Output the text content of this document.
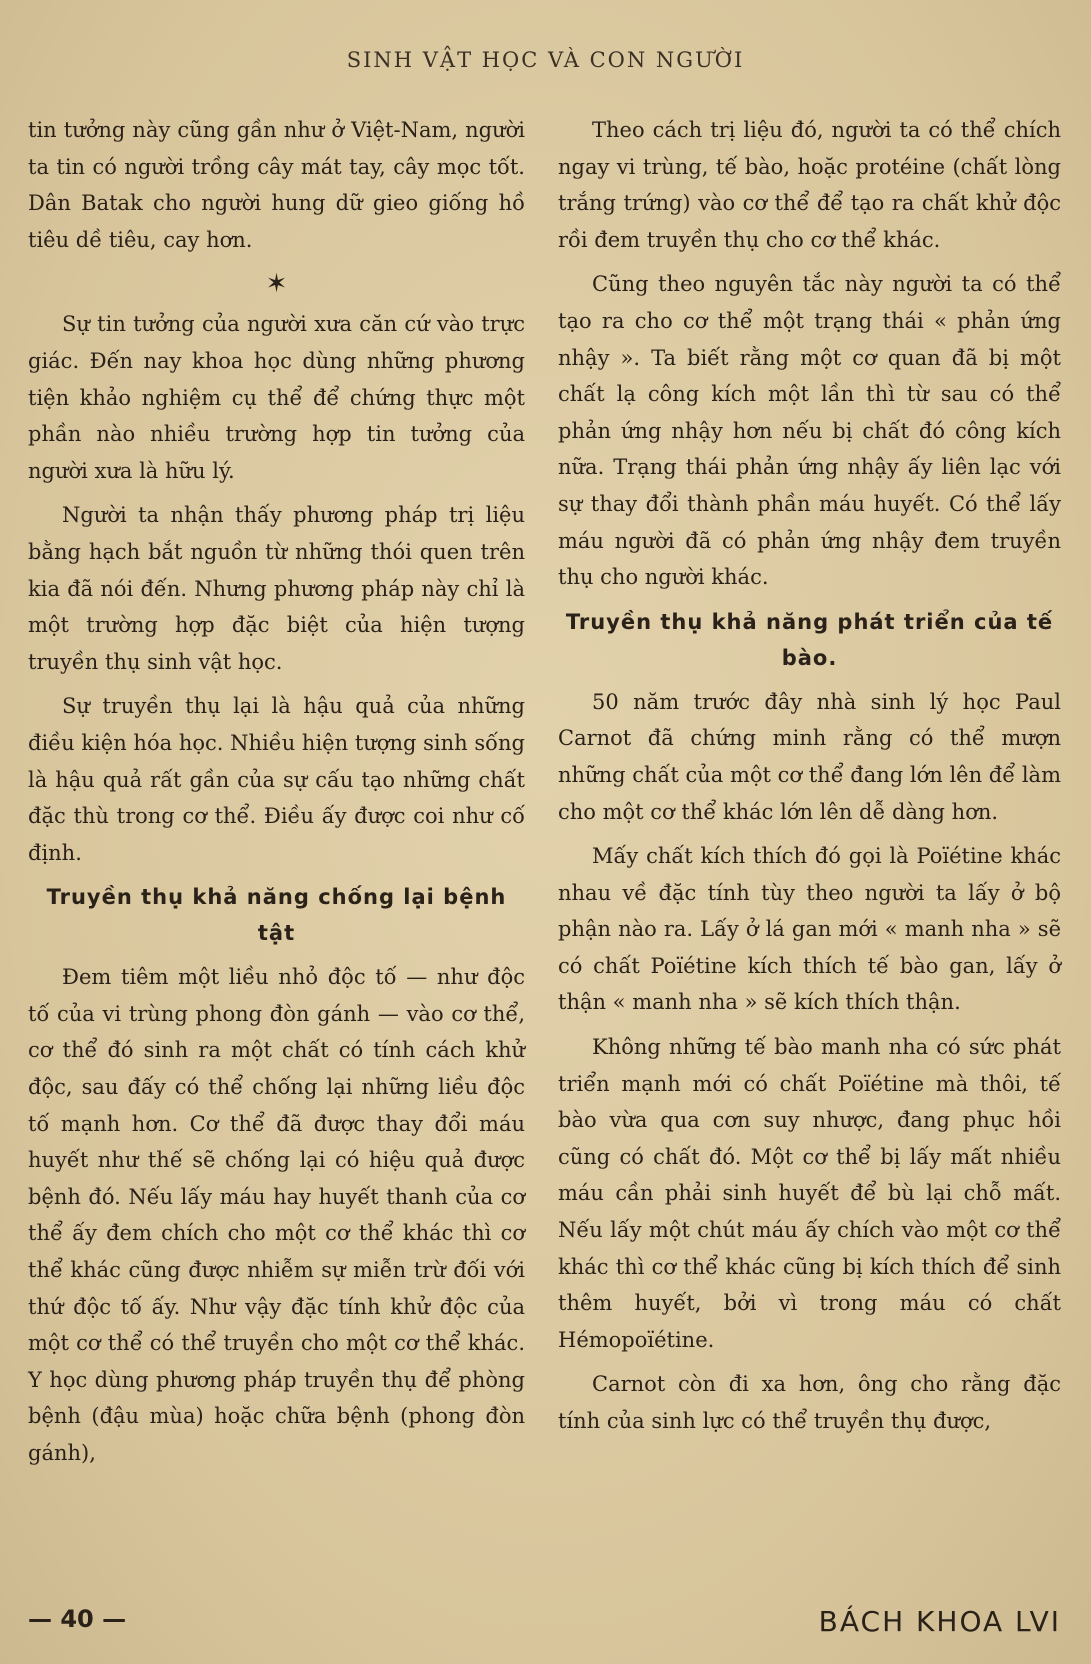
SINH VẬT HỌC VÀ CON NGƯỜI

tin tưởng này cũng gần như ở Việt-Nam, người ta tin có người trồng cây mát tay, cây mọc tốt. Dân Batak cho người hung dữ gieo giống hồ tiêu dề tiêu, cay hơn.

✶

Sự tin tưởng của người xưa căn cứ vào trực giác. Đến nay khoa học dùng những phương tiện khảo nghiệm cụ thể để chứng thực một phần nào nhiều trường hợp tin tưởng của người xưa là hữu lý.

Người ta nhận thấy phương pháp trị liệu bằng hạch bắt nguồn từ những thói quen trên kia đã nói đến. Nhưng phương pháp này chỉ là một trường hợp đặc biệt của hiện tượng truyền thụ sinh vật học.

Sự truyền thụ lại là hậu quả của những điều kiện hóa học. Nhiều hiện tượng sinh sống là hậu quả rất gần của sự cấu tạo những chất đặc thù trong cơ thể. Điều ấy được coi như cố định.

Truyền thụ khả năng chống lại bệnh tật

Đem tiêm một liều nhỏ độc tố — như độc tố của vi trùng phong đòn gánh — vào cơ thể, cơ thể đó sinh ra một chất có tính cách khử độc, sau đấy có thể chống lại những liều độc tố mạnh hơn. Cơ thể đã được thay đổi máu huyết như thế sẽ chống lại có hiệu quả được bệnh đó. Nếu lấy máu hay huyết thanh của cơ thể ấy đem chích cho một cơ thể khác thì cơ thể khác cũng được nhiễm sự miễn trừ đối với thứ độc tố ấy. Như vậy đặc tính khử độc của một cơ thể có thể truyền cho một cơ thể khác. Y học dùng phương pháp truyền thụ để phòng bệnh (đậu mùa) hoặc chữa bệnh (phong đòn gánh),

Theo cách trị liệu đó, người ta có thể chích ngay vi trùng, tế bào, hoặc protéine (chất lòng trắng trứng) vào cơ thể để tạo ra chất khử độc rồi đem truyền thụ cho cơ thể khác.

Cũng theo nguyên tắc này người ta có thể tạo ra cho cơ thể một trạng thái « phản ứng nhậy ». Ta biết rằng một cơ quan đã bị một chất lạ công kích một lần thì từ sau có thể phản ứng nhậy hơn nếu bị chất đó công kích nữa. Trạng thái phản ứng nhậy ấy liên lạc với sự thay đổi thành phần máu huyết. Có thể lấy máu người đã có phản ứng nhậy đem truyền thụ cho người khác.

Truyền thụ khả năng phát triển của tế bào.

50 năm trước đây nhà sinh lý học Paul Carnot đã chứng minh rằng có thể mượn những chất của một cơ thể đang lớn lên để làm cho một cơ thể khác lớn lên dễ dàng hơn.

Mấy chất kích thích đó gọi là Poïétine khác nhau về đặc tính tùy theo người ta lấy ở bộ phận nào ra. Lấy ở lá gan mới « manh nha » sẽ có chất Poïétine kích thích tế bào gan, lấy ở thận « manh nha » sẽ kích thích thận.

Không những tế bào manh nha có sức phát triển mạnh mới có chất Poïétine mà thôi, tế bào vừa qua cơn suy nhược, đang phục hồi cũng có chất đó. Một cơ thể bị lấy mất nhiều máu cần phải sinh huyết để bù lại chỗ mất. Nếu lấy một chút máu ấy chích vào một cơ thể khác thì cơ thể khác cũng bị kích thích để sinh thêm huyết, bởi vì trong máu có chất Hémopoïétine.

Carnot còn đi xa hơn, ông cho rằng đặc tính của sinh lực có thể truyền thụ được,

— 40 —	BÁCH KHOA LVI
